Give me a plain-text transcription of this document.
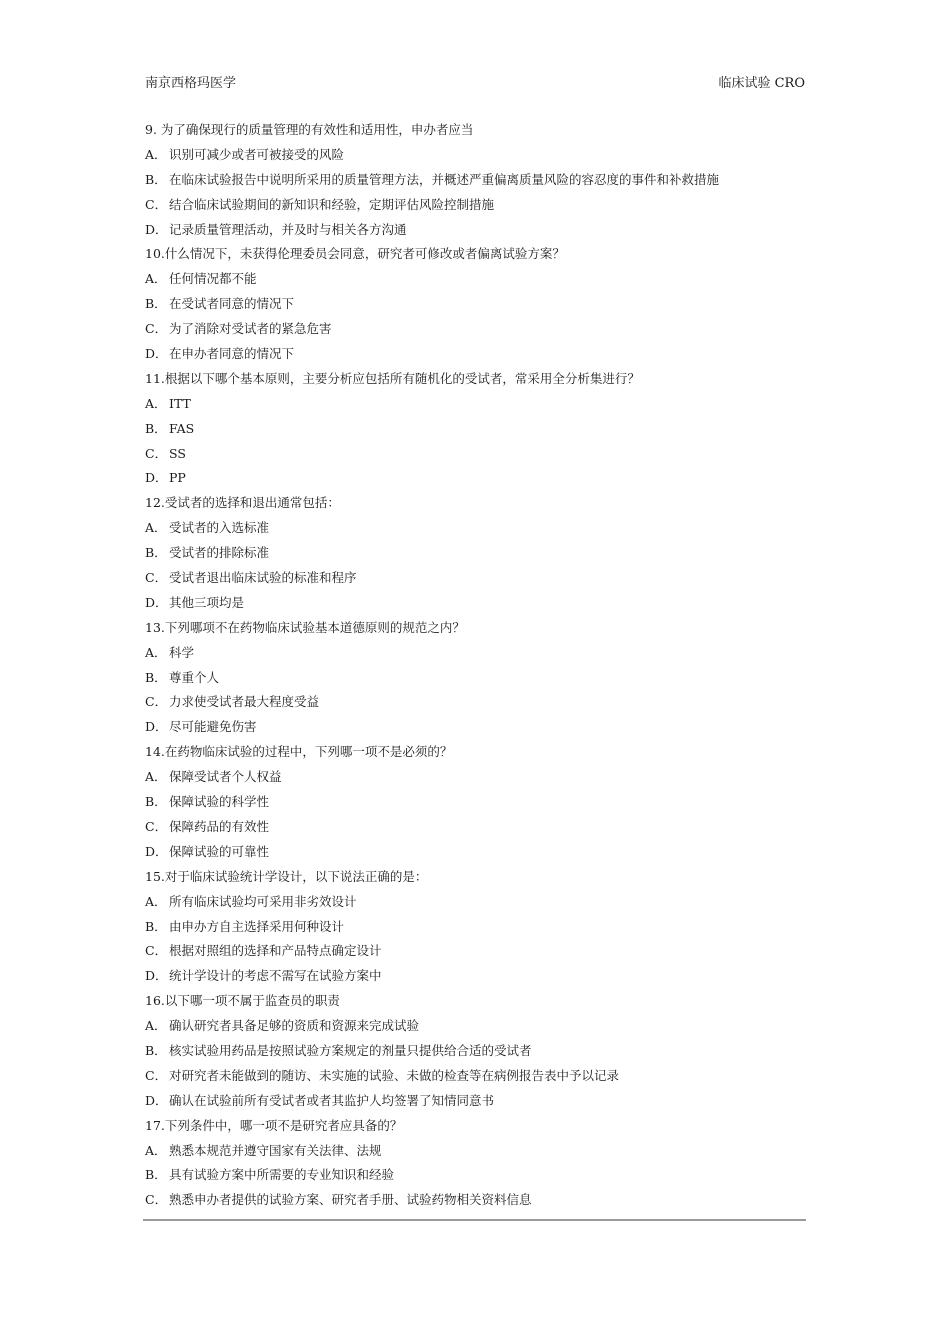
南京西格玛医学	临床试验 CRO
9. 为了确保现行的质量管理的有效性和适用性，申办者应当
A． 识别可减少或者可被接受的风险
B． 在临床试验报告中说明所采用的质量管理方法，并概述严重偏离质量风险的容忍度的事件和补救措施
C． 结合临床试验期间的新知识和经验，定期评估风险控制措施
D． 记录质量管理活动，并及时与相关各方沟通
10.什么情况下，未获得伦理委员会同意，研究者可修改或者偏离试验方案？
A． 任何情况都不能
B． 在受试者同意的情况下
C． 为了消除对受试者的紧急危害
D． 在申办者同意的情况下
11.根据以下哪个基本原则，主要分析应包括所有随机化的受试者，常采用全分析集进行？
A． ITT
B． FAS
C． SS
D． PP
12.受试者的选择和退出通常包括：
A． 受试者的入选标准
B． 受试者的排除标准
C． 受试者退出临床试验的标准和程序
D． 其他三项均是
13.下列哪项不在药物临床试验基本道德原则的规范之内？
A． 科学
B． 尊重个人
C． 力求使受试者最大程度受益
D． 尽可能避免伤害
14.在药物临床试验的过程中，下列哪一项不是必须的？
A． 保障受试者个人权益
B． 保障试验的科学性
C． 保障药品的有效性
D． 保障试验的可靠性
15.对于临床试验统计学设计，以下说法正确的是：
A． 所有临床试验均可采用非劣效设计
B． 由申办方自主选择采用何种设计
C． 根据对照组的选择和产品特点确定设计
D． 统计学设计的考虑不需写在试验方案中
16.以下哪一项不属于监查员的职责
A． 确认研究者具备足够的资质和资源来完成试验
B． 核实试验用药品是按照试验方案规定的剂量只提供给合适的受试者
C． 对研究者未能做到的随访、未实施的试验、未做的检查等在病例报告表中予以记录
D． 确认在试验前所有受试者或者其监护人均签署了知情同意书
17.下列条件中，哪一项不是研究者应具备的？
A． 熟悉本规范并遵守国家有关法律、法规
B． 具有试验方案中所需要的专业知识和经验
C． 熟悉申办者提供的试验方案、研究者手册、试验药物相关资料信息
